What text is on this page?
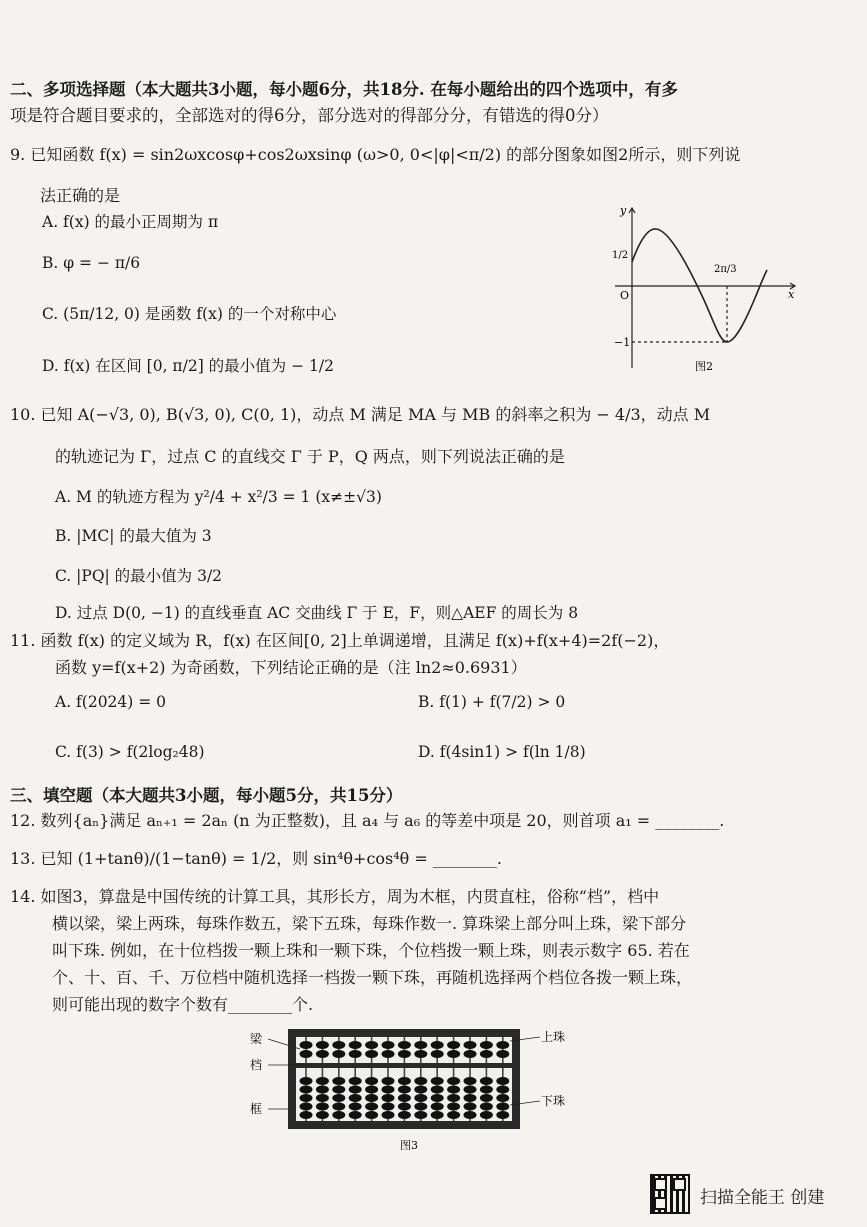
二、多项选择题（本大题共3小题，每小题6分，共18分. 在每小题给出的四个选项中，有多
项是符合题目要求的，全部选对的得6分，部分选对的得部分分，有错选的得0分）
9. 已知函数 f(x) = sin2ωxcosφ+cos2ωxsinφ (ω>0, 0<|φ|<π/2) 的部分图象如图2所示，则下列说
法正确的是
A. f(x) 的最小正周期为 π
B. φ = − π/6
C. (5π/12, 0) 是函数 f(x) 的一个对称中心
D. f(x) 在区间 [0, π/2] 的最小值为 − 1/2
y
x
O
1/2
−1
2π/3
图2
10. 已知 A(−√3, 0), B(√3, 0), C(0, 1)，动点 M 满足 MA 与 MB 的斜率之积为 − 4/3，动点 M
的轨迹记为 Γ，过点 C 的直线交 Γ 于 P，Q 两点，则下列说法正确的是
A. M 的轨迹方程为 y²/4 + x²/3 = 1 (x≠±√3)
B. |MC| 的最大值为 3
C. |PQ| 的最小值为 3/2
D. 过点 D(0, −1) 的直线垂直 AC 交曲线 Γ 于 E，F，则△AEF 的周长为 8
11. 函数 f(x) 的定义域为 R，f(x) 在区间[0, 2]上单调递增，且满足 f(x)+f(x+4)=2f(−2)，
函数 y=f(x+2) 为奇函数，下列结论正确的是（注 ln2≈0.6931）
A. f(2024) = 0	B. f(1) + f(7/2) > 0
C. f(3) > f(2log₂48)	D. f(4sin1) > f(ln 1/8)
三、填空题（本大题共3小题，每小题5分，共15分）
12. 数列{aₙ}满足 aₙ₊₁ = 2aₙ (n 为正整数)，且 a₄ 与 a₆ 的等差中项是 20，则首项 a₁ = ________.
13. 已知 (1+tanθ)/(1−tanθ) = 1/2，则 sin⁴θ+cos⁴θ = ________.
14. 如图3，算盘是中国传统的计算工具，其形长方，周为木框，内贯直柱，俗称“档”，档中
横以梁，梁上两珠，每珠作数五，梁下五珠，每珠作数一. 算珠梁上部分叫上珠，梁下部分
叫下珠. 例如，在十位档拨一颗上珠和一颗下珠，个位档拨一颗上珠，则表示数字 65. 若在
个、十、百、千、万位档中随机选择一档拨一颗下珠，再随机选择两个档位各拨一颗上珠，
则可能出现的数字个数有________个.
梁
档
框
上珠
下珠
图3
扫描全能王 创建
